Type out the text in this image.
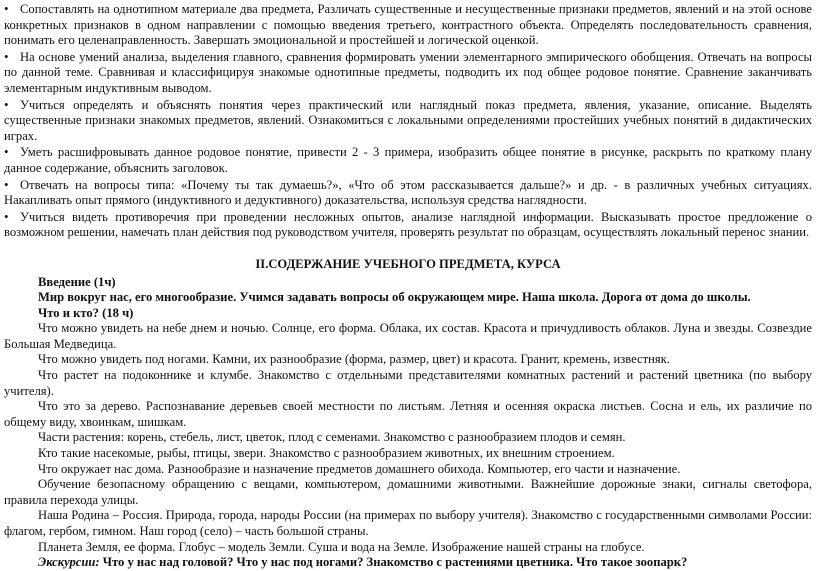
•Сопоставлять на однотипном материале два предмета, Различать существенные и несущественные признаки предметов, явлений и на этой основе конкретных признаков в одном направлении с помощью введения третьего, контрастного объекта. Определять последовательность сравнения, понимать его целенаправленность. Завершать эмоциональной и простейшей и логической оценкой.

•На основе умений анализа, выделения главного, сравнения формировать умении элементарного эмпирического обобщения. Отвечать на вопросы по данной теме. Сравнивая и классифицируя знакомые однотипные предметы, подводить их под общее родовое понятие. Сравнение заканчивать элементарным индуктивным выводом.

•Учиться определять и объяснять понятия через практический или наглядный показ предмета, явления, указание, описание. Выделять существенные признаки знакомых предметов, явлений. Ознакомиться с локальными определениями простейших учебных понятий в дидактических играх.

•Уметь расшифровывать данное родовое понятие, привести 2 - 3 примера, изобразить общее понятие в рисунке, раскрыть по краткому плану данное содержание, объяснить заголовок.

•Отвечать на вопросы типа: «Почему ты так думаешь?», «Что об этом рассказывается дальше?» и др. - в различных учебных ситуациях. Накапливать опыт прямого (индуктивного и дедуктивного) доказательства, используя средства наглядности.

•Учиться видеть противоречия при проведении несложных опытов, анализе наглядной информации. Высказывать простое предложение о возможном решении, намечать план действия под руководством учителя, проверять результат по образцам, осуществлять локальный перенос знании.

II.СОДЕРЖАНИЕ УЧЕБНОГО ПРЕДМЕТА, КУРСА

Введение (1ч)

Мир вокруг нас, его многообразие. Учимся задавать вопросы об окружающем мире. Наша школа. Дорога от дома до школы.

Что и кто? (18 ч)

Что можно увидеть на небе днем и ночью. Солнце, его форма. Облака, их состав. Красота и причудливость облаков. Луна и звезды. Созвездие Большая Медведица.

Что можно увидеть под ногами. Камни, их разнообразие (форма, размер, цвет) и красота. Гранит, кремень, известняк.

Что растет на подоконнике и клумбе. Знакомство с отдельными представителями комнатных растений и растений цветника (по выбору учителя).

Что это за дерево. Распознавание деревьев своей местности по листьям. Летняя и осенняя окраска листьев. Сосна и ель, их различие по общему виду, хвоинкам, шишкам.

Части растения: корень, стебель, лист, цветок, плод с семенами. Знакомство с разнообразием плодов и семян.

Кто такие насекомые, рыбы, птицы, звери. Знакомство с разнообразием животных, их внешним строением.

Что окружает нас дома. Разнообразие и назначение предметов домашнего обихода. Компьютер, его части и назначение.

Обучение безопасному обращению с вещами, компьютером, домашними животными. Важнейшие дорожные знаки, сигналы светофора, правила перехода улицы.

Наша Родина – Россия. Природа, города, народы России (на примерах по выбору учителя). Знакомство с государственными символами России: флагом, гербом, гимном. Наш город (село) – часть большой страны.

Планета Земля, ее форма. Глобус – модель Земли. Суша и вода на Земле. Изображение нашей страны на глобусе.

Экскурсии: Что у нас над головой? Что у нас под ногами? Знакомство с растениями цветника. Что такое зоопарк?
